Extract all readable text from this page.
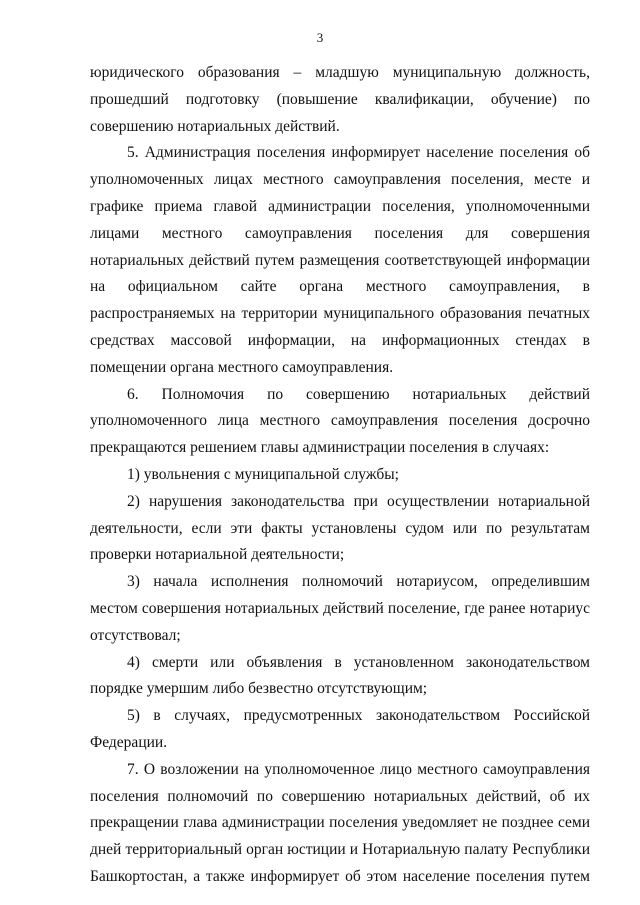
3

юридического образования – младшую муниципальную должность, прошедший подготовку (повышение квалификации, обучение) по совершению нотариальных действий.

5. Администрация поселения информирует население поселения об уполномоченных лицах местного самоуправления поселения, месте и графике приема главой администрации поселения, уполномоченными лицами местного самоуправления поселения для совершения нотариальных действий путем размещения соответствующей информации на официальном сайте органа местного самоуправления, в распространяемых на территории муниципального образования печатных средствах массовой информации, на информационных стендах в помещении органа местного самоуправления.

6. Полномочия по совершению нотариальных действий уполномоченного лица местного самоуправления поселения досрочно прекращаются решением главы администрации поселения в случаях:

1) увольнения с муниципальной службы;

2) нарушения законодательства при осуществлении нотариальной деятельности, если эти факты установлены судом или по результатам проверки нотариальной деятельности;

3) начала исполнения полномочий нотариусом, определившим местом совершения нотариальных действий поселение, где ранее нотариус отсутствовал;

4) смерти или объявления в установленном законодательством порядке умершим либо безвестно отсутствующим;

5) в случаях, предусмотренных законодательством Российской Федерации.

7. О возложении на уполномоченное лицо местного самоуправления поселения полномочий по совершению нотариальных действий, об их прекращении глава администрации поселения уведомляет не позднее семи дней территориальный орган юстиции и Нотариальную палату Республики Башкортостан, а также информирует об этом население поселения путем
